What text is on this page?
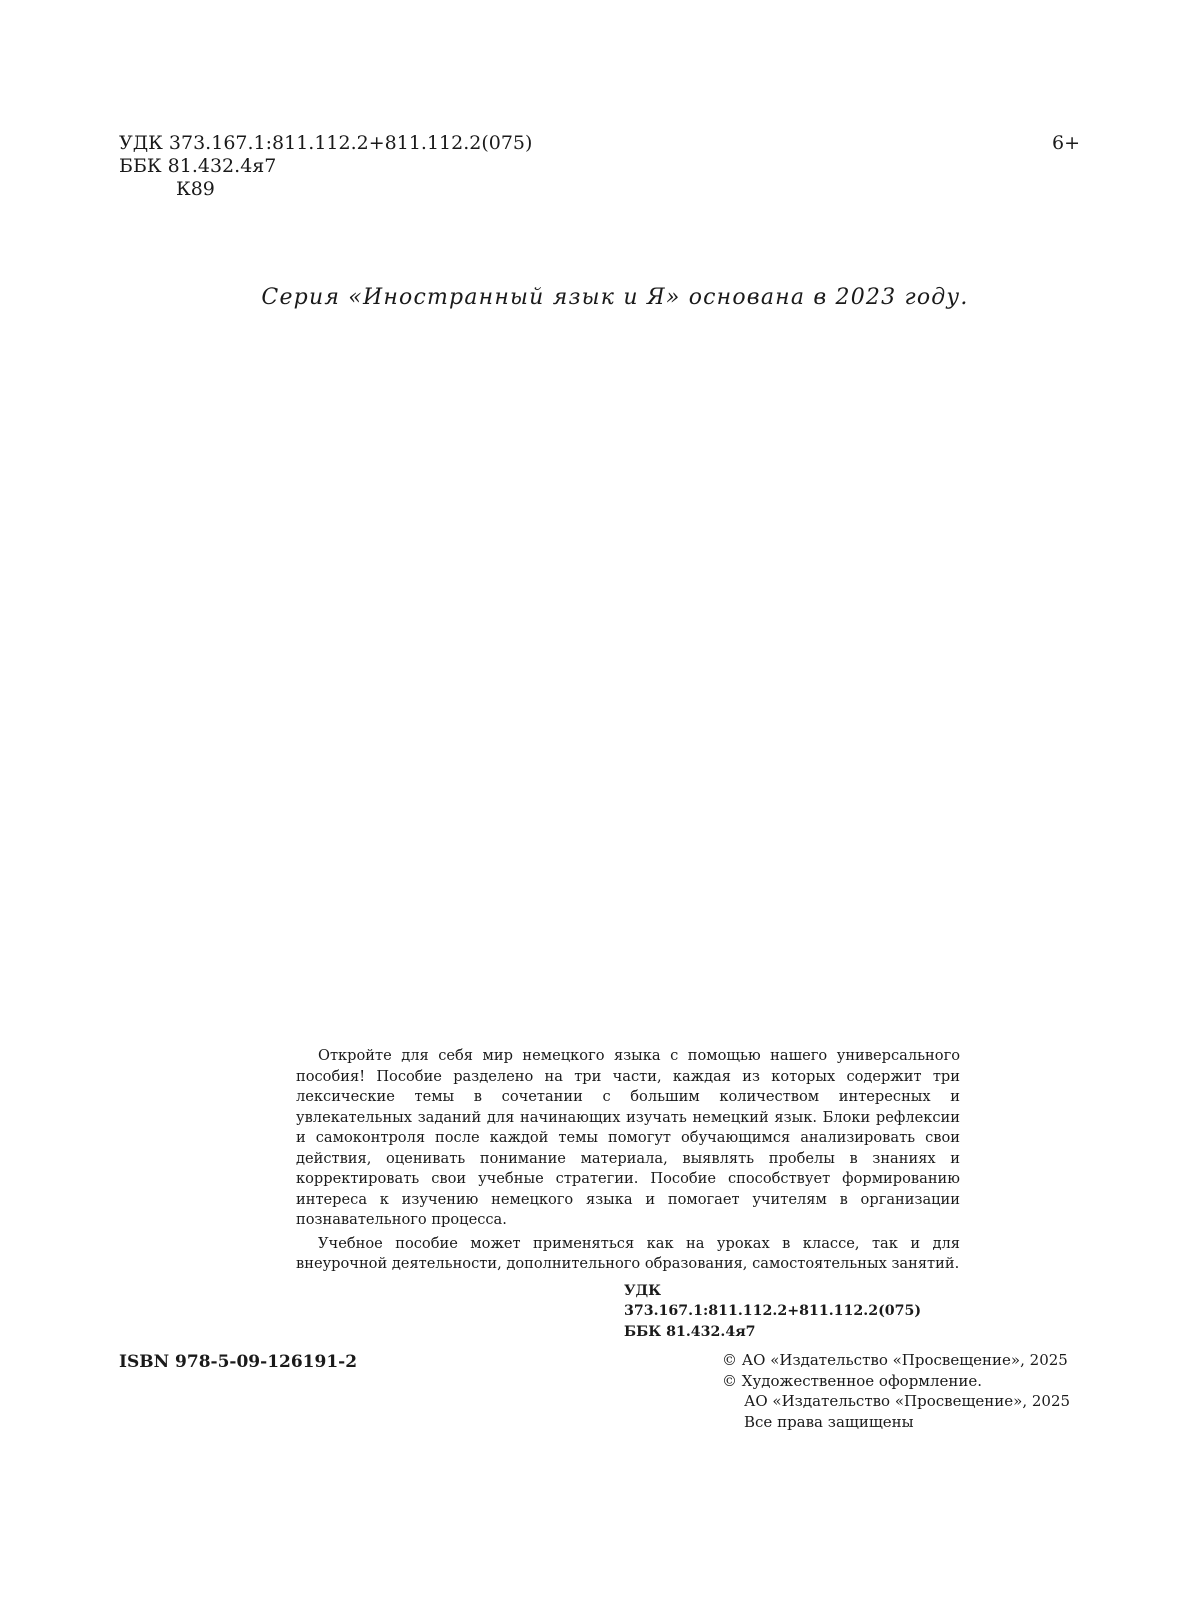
УДК 373.167.1:811.112.2+811.112.2(075)
ББК 81.432.4я7
К89
6+
Серия «Иностранный язык и Я» основана в 2023 году.

Откройте для себя мир немецкого языка с помощью нашего универсального пособия! Пособие разделено на три части, каждая из которых содержит три лексические темы в сочетании с большим количеством интересных и увлекательных заданий для начинающих изучать немецкий язык. Блоки рефлексии и самоконтроля после каждой темы помогут обучающимся анализировать свои действия, оценивать понимание материала, выявлять пробелы в знаниях и корректировать свои учебные стратегии. Пособие способствует формированию интереса к изучению немецкого языка и помогает учителям в организации познавательного процесса.

Учебное пособие может применяться как на уроках в классе, так и для внеурочной деятельности, дополнительного образования, самостоятельных занятий.

УДК 373.167.1:811.112.2+811.112.2(075)
ББК 81.432.4я7
ISBN 978-5-09-126191-2	© АО «Издательство «Просвещение», 2025
© Художественное оформление.
АО «Издательство «Просвещение», 2025
Все права защищены
